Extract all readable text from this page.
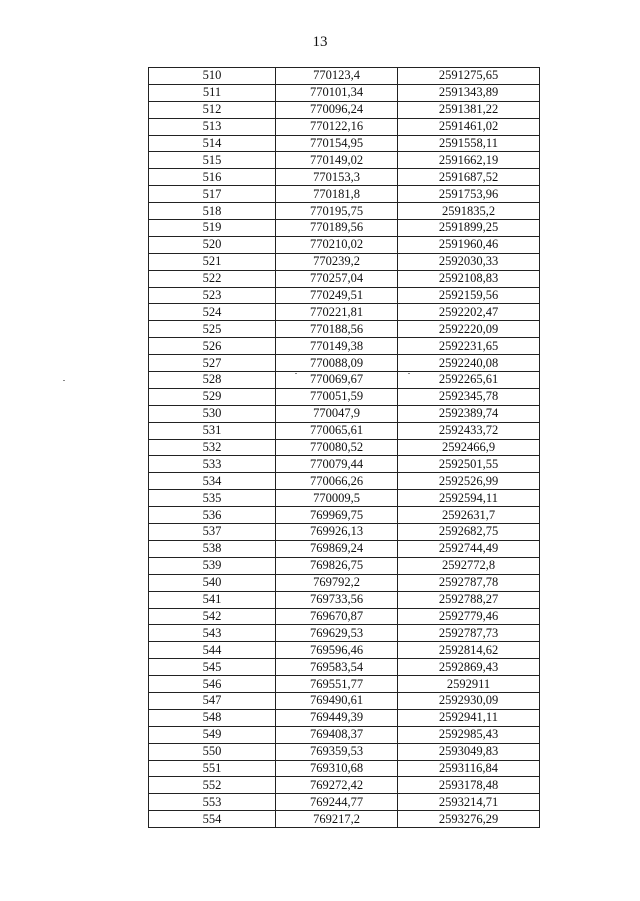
13
510	770123,4	2591275,65
511	770101,34	2591343,89
512	770096,24	2591381,22
513	770122,16	2591461,02
514	770154,95	2591558,11
515	770149,02	2591662,19
516	770153,3	2591687,52
517	770181,8	2591753,96
518	770195,75	2591835,2
519	770189,56	2591899,25
520	770210,02	2591960,46
521	770239,2	2592030,33
522	770257,04	2592108,83
523	770249,51	2592159,56
524	770221,81	2592202,47
525	770188,56	2592220,09
526	770149,38	2592231,65
527	770088,09	2592240,08
528	770069,67	2592265,61
529	770051,59	2592345,78
530	770047,9	2592389,74
531	770065,61	2592433,72
532	770080,52	2592466,9
533	770079,44	2592501,55
534	770066,26	2592526,99
535	770009,5	2592594,11
536	769969,75	2592631,7
537	769926,13	2592682,75
538	769869,24	2592744,49
539	769826,75	2592772,8
540	769792,2	2592787,78
541	769733,56	2592788,27
542	769670,87	2592779,46
543	769629,53	2592787,73
544	769596,46	2592814,62
545	769583,54	2592869,43
546	769551,77	2592911
547	769490,61	2592930,09
548	769449,39	2592941,11
549	769408,37	2592985,43
550	769359,53	2593049,83
551	769310,68	2593116,84
552	769272,42	2593178,48
553	769244,77	2593214,71
554	769217,2	2593276,29
